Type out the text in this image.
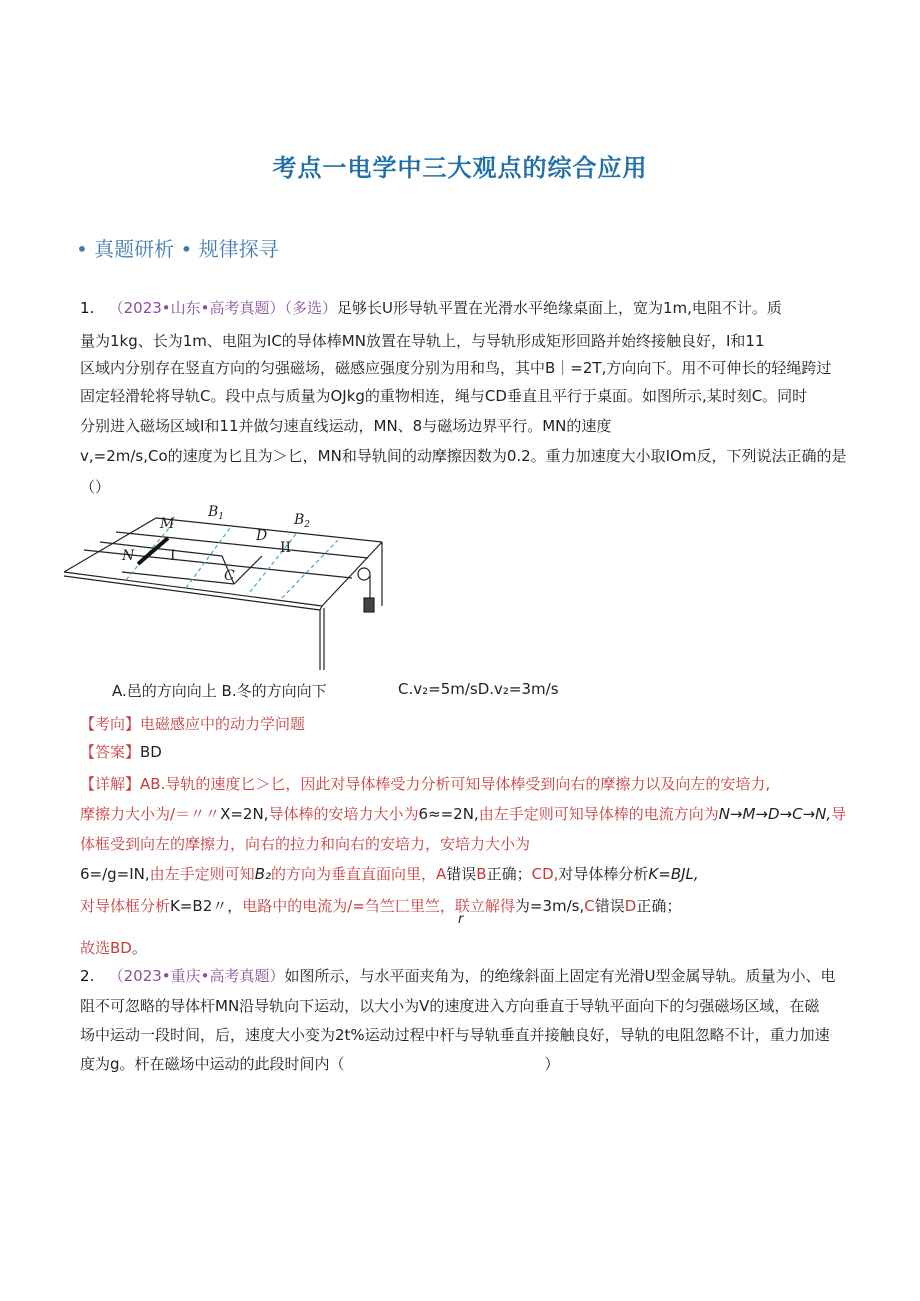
考点一电学中三大观点的综合应用
• 真题研析 • 规律探寻
1. （2023•山东•高考真题）（多选）足够长U形导轨平置在光滑水平绝缘桌面上，宽为1m,电阻不计。质
量为1kg、长为1m、电阻为IC的导体棒MN放置在导轨上，与导轨形成矩形回路并始终接触良好，I和11
区域内分别存在竖直方向的匀强磁场，磁感应强度分别为用和鸟，其中B｜=2T,方向向下。用不可伸长的轻绳跨过
固定轻滑轮将导轨C。段中点与质量为OJkg的重物相连，绳与CD垂直且平行于桌面。如图所示,某时刻C。同时
分别进入磁场区域I和11并做匀速直线运动，MN、8与磁场边界平行。MN的速度
v,=2m∕s,Co的速度为匕且为＞匕，MN和导轨间的动摩擦因数为0.2。重力加速度大小取IOm反，下列说法正确的是
（）
M
N
$B_1$	$B_2$
D
C
I	II
A.邑的方向向上 B.冬的方向向下	C.v₂=5m∕sD.v₂=3m∕s
【考向】电磁感应中的动力学问题
【答案】BD
【详解】AB.导轨的速度匕＞匕，因此对导体棒受力分析可知导体棒受到向右的摩擦力以及向左的安培力,
摩擦力大小为/＝〃〃X=2N,导体棒的安培力大小为6≈=2N,由左手定则可知导体棒的电流方向为N→M→D→C→N,导
体框受到向左的摩擦力，向右的拉力和向右的安培力，安培力大小为
6=/g=IN,由左手定则可知B₂的方向为垂直直面向里，A错误B正确；CD,对导体棒分析K=BJL,
对导体框分析K=B2〃，电路中的电流为/=刍竺匚里竺，联立解得为=3m∕s,C错误D正确；
r
故选BD。
2. （2023•重庆•高考真题）如图所示，与水平面夹角为，的绝缘斜面上固定有光滑U型金属导轨。质量为小、电
阻不可忽略的导体杆MN沿导轨向下运动，以大小为V的速度进入方向垂直于导轨平面向下的匀强磁场区域，在磁
场中运动一段时间，后，速度大小变为2t%运动过程中杆与导轨垂直并接触良好，导轨的电阻忽略不计，重力加速
度为g。杆在磁场中运动的此段时间内（	）
